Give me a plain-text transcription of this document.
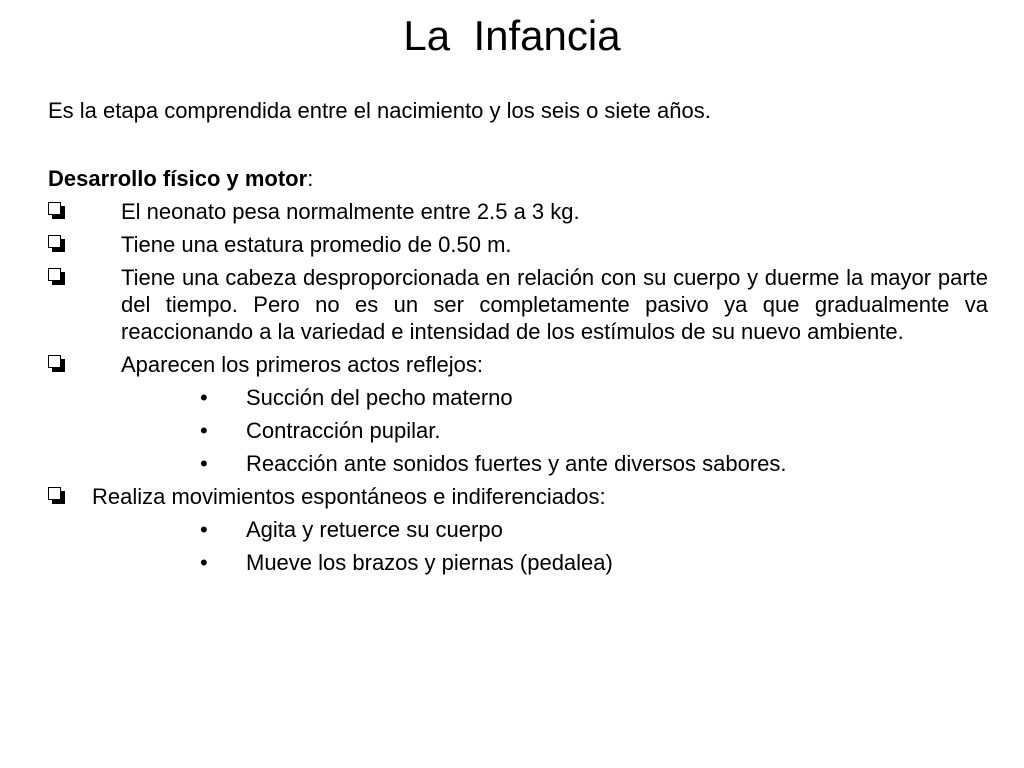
La  Infancia

Es la etapa comprendida entre el nacimiento y los seis o siete años.

Desarrollo físico y motor:

El neonato pesa normalmente entre 2.5 a 3 kg.
Tiene una estatura promedio de 0.50 m.
Tiene una cabeza desproporcionada en relación con su cuerpo y duerme la mayor parte del tiempo. Pero no es un ser completamente pasivo ya que gradualmente va reaccionando a la variedad e intensidad de los estímulos de su nuevo ambiente.
Aparecen los primeros actos reflejos:
•	Succión del pecho materno
•	Contracción pupilar.
•	Reacción ante sonidos fuertes y ante diversos sabores.
Realiza movimientos espontáneos e indiferenciados:
•	Agita y retuerce su cuerpo
•	Mueve los brazos y piernas (pedalea)
